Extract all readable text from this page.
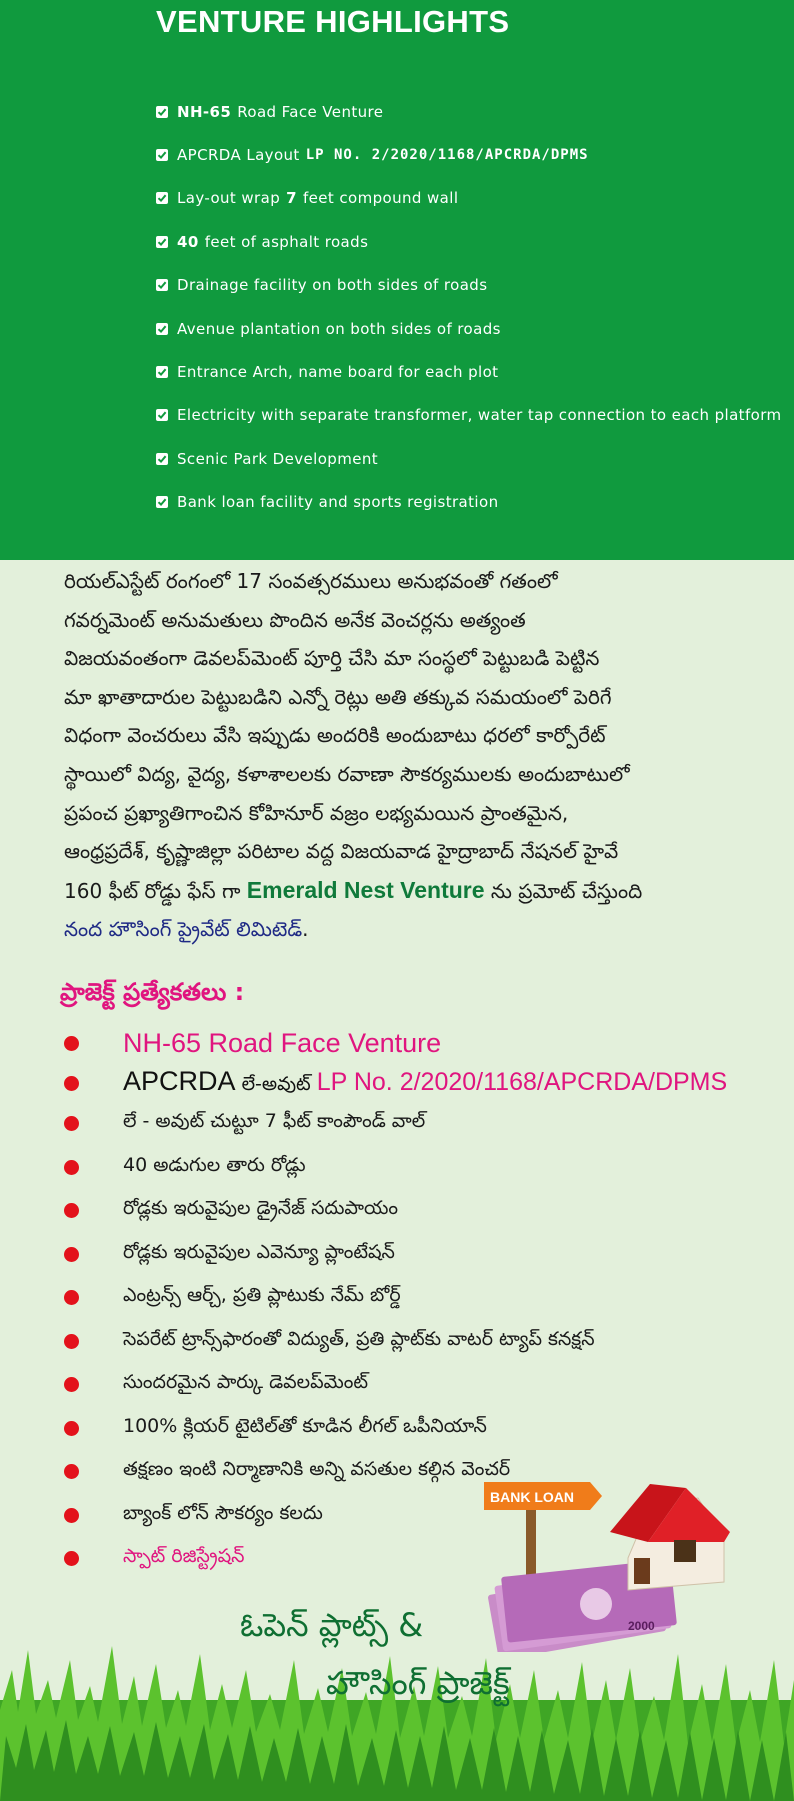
VENTURE HIGHLIGHTS
NH-65 Road Face Venture
APCRDA Layout LP NO. 2/2020/1168/APCRDA/DPMS
Lay-out wrap 7 feet compound wall
40 feet of asphalt roads
Drainage facility on both sides of roads
Avenue plantation on both sides of roads
Entrance Arch, name board for each plot
Electricity with separate transformer, water tap connection to each platform
Scenic Park Development
Bank loan facility and sports registration
రియల్ఎస్టేట్ రంగంలో 17 సంవత్సరములు అనుభవంతో గతంలో
గవర్నమెంట్ అనుమతులు పొందిన అనేక వెంచర్లను అత్యంత
విజయవంతంగా డెవలప్‌మెంట్ పూర్తి చేసి మా సంస్థలో పెట్టుబడి పెట్టిన
మా ఖాతాదారుల పెట్టుబడిని ఎన్నో రెట్లు అతి తక్కువ సమయంలో పెరిగే
విధంగా వెంచరులు వేసి ఇప్పుడు అందరికి అందుబాటు ధరలో కార్పోరేట్
స్థాయిలో విద్య, వైద్య, కళాశాలలకు రవాణా సౌకర్యములకు అందుబాటులో
ప్రపంచ ప్రఖ్యాతిగాంచిన కోహినూర్ వజ్రం లభ్యమయిన ప్రాంతమైన,
ఆంధ్రప్రదేశ్, కృష్ణాజిల్లా పరిటాల వద్ద విజయవాడ హైద్రాబాద్ నేషనల్ హైవే
160 ఫీట్ రోడ్డు ఫేస్ గా Emerald Nest Venture ను ప్రమోట్ చేస్తుంది
నంద హౌసింగ్ ప్రైవేట్ లిమిటెడ్.
ప్రాజెక్ట్ ప్రత్యేకతలు :
NH-65 Road Face Venture
APCRDA లే-అవుట్ LP No. 2/2020/1168/APCRDA/DPMS
లే - అవుట్ చుట్టూ 7 ఫీట్ కాంపౌండ్ వాల్
40 అడుగుల తారు రోడ్లు
రోడ్లకు ఇరువైపుల డ్రైనేజ్ సదుపాయం
రోడ్లకు ఇరువైపుల ఎవెన్యూ ప్లాంటేషన్
ఎంట్రన్స్ ఆర్చ్, ప్రతి ప్లాటుకు నేమ్ బోర్డ్
సెపరేట్ ట్రాన్స్‌ఫారంతో విద్యుత్, ప్రతి ప్లాట్‌కు వాటర్ ట్యాప్ కనక్షన్
సుందరమైన పార్కు డెవలప్‌మెంట్
100% క్లియర్ టైటిల్‌తో కూడిన లీగల్ ఒపీనియాన్
తక్షణం ఇంటి నిర్మాణానికి అన్ని వసతుల కల్గిన వెంచర్
బ్యాంక్ లోన్ సౌకర్యం కలదు
స్పాట్ రిజిస్ట్రేషన్
BANK LOAN
2000
ఓపెన్ ప్లాట్స్ &
హౌసింగ్ ప్రాజెక్ట్
